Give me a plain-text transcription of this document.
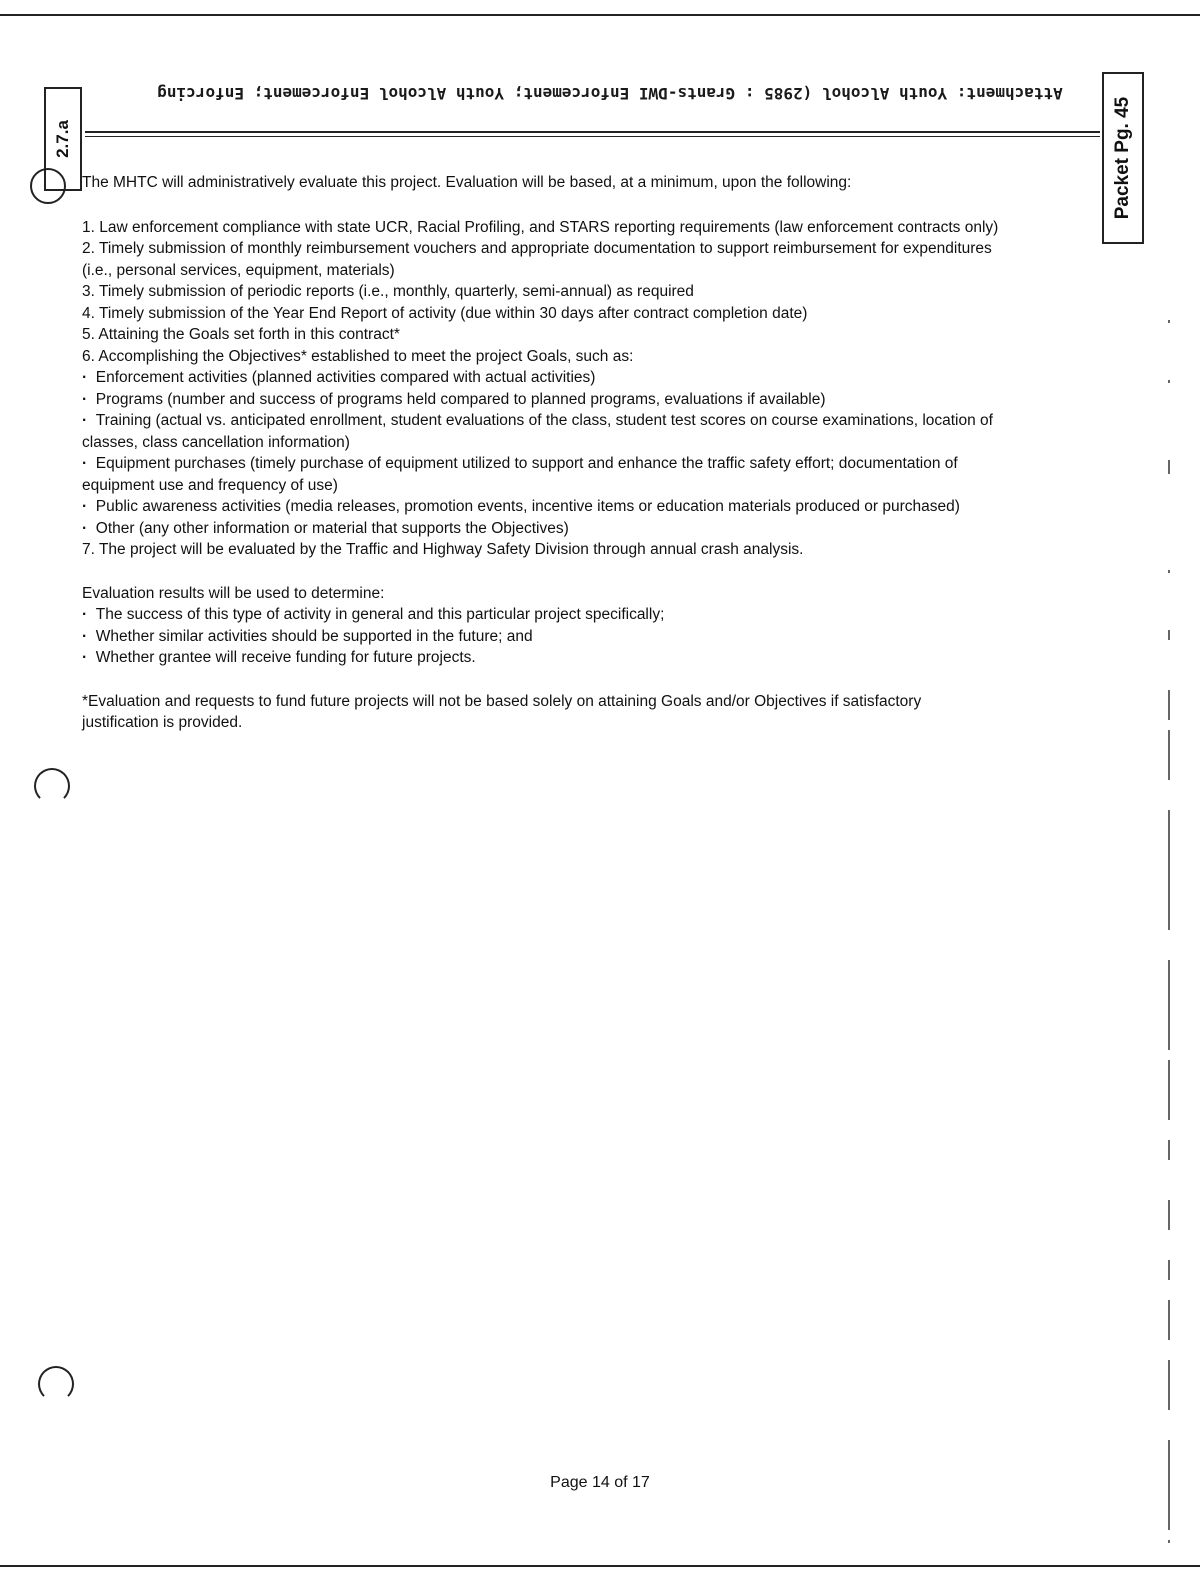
Attachment: Youth Alcohol (2985 : Grants-DWI Enforcement; Youth Alcohol Enforcement; Enforcing
2.7.a	Packet Pg. 45

The MHTC will administratively evaluate this project. Evaluation will be based, at a minimum, upon the following:

1. Law enforcement compliance with state UCR, Racial Profiling, and STARS reporting requirements (law enforcement contracts only)

2. Timely submission of monthly reimbursement vouchers and appropriate documentation to support reimbursement for expenditures (i.e., personal services, equipment, materials)

3. Timely submission of periodic reports (i.e., monthly, quarterly, semi-annual) as required

4. Timely submission of the Year End Report of activity (due within 30 days after contract completion date)

5. Attaining the Goals set forth in this contract*

6. Accomplishing the Objectives* established to meet the project Goals, such as:

·  Enforcement activities (planned activities compared with actual activities)

·  Programs (number and success of programs held compared to planned programs, evaluations if available)

·  Training (actual vs. anticipated enrollment, student evaluations of the class, student test scores on course examinations, location of classes, class cancellation information)

·  Equipment purchases (timely purchase of equipment utilized to support and enhance the traffic safety effort; documentation of equipment use and frequency of use)

·  Public awareness activities (media releases, promotion events, incentive items or education materials produced or purchased)

·  Other (any other information or material that supports the Objectives)

7. The project will be evaluated by the Traffic and Highway Safety Division through annual crash analysis.

Evaluation results will be used to determine:

·  The success of this type of activity in general and this particular project specifically;

·  Whether similar activities should be supported in the future; and

·  Whether grantee will receive funding for future projects.

*Evaluation and requests to fund future projects will not be based solely on attaining Goals and/or Objectives if satisfactory justification is provided.

Page 14 of 17
